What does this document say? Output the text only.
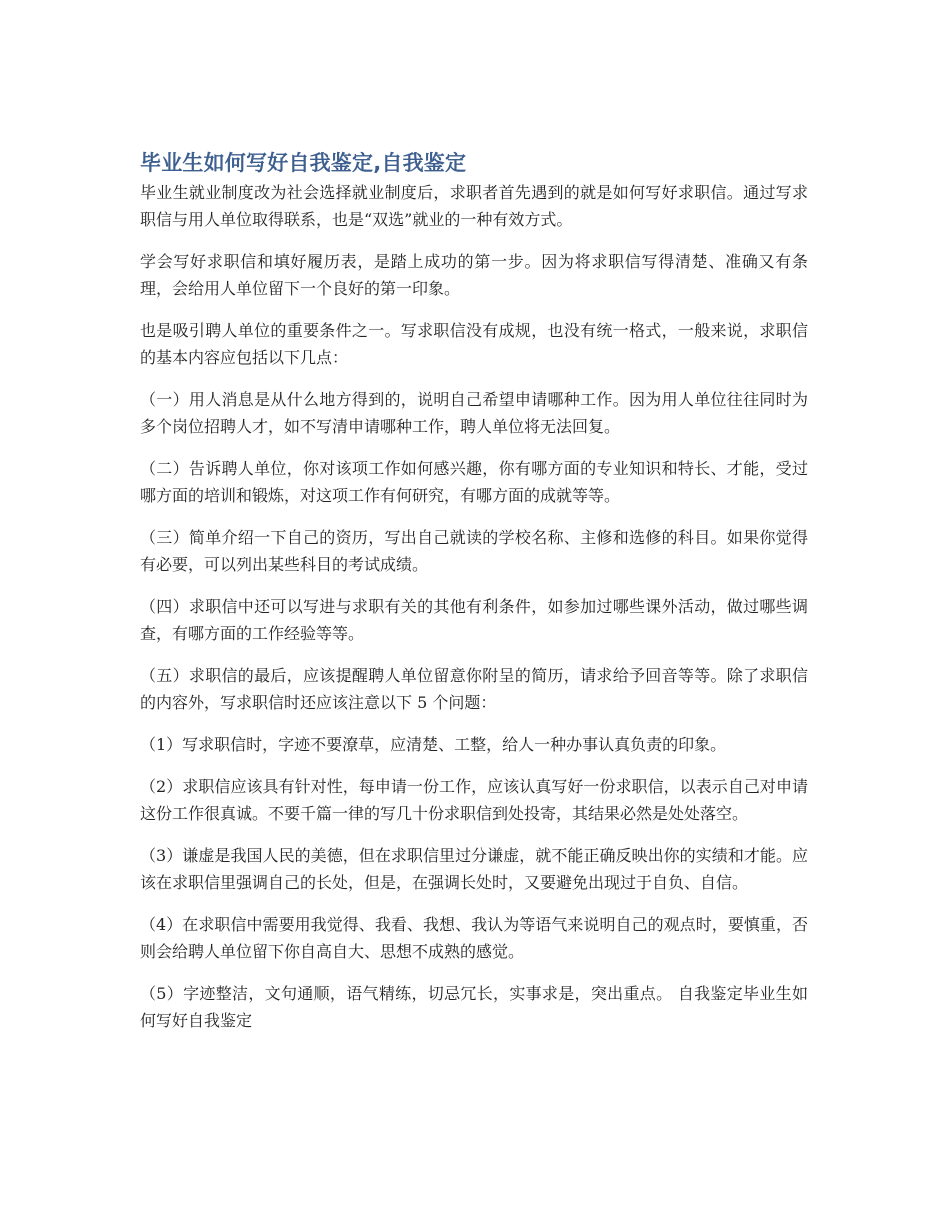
毕业生如何写好自我鉴定,自我鉴定

毕业生就业制度改为社会选择就业制度后，求职者首先遇到的就是如何写好求职信。通过写求职信与用人单位取得联系，也是“双选”就业的一种有效方式。

学会写好求职信和填好履历表，是踏上成功的第一步。因为将求职信写得清楚、准确又有条理，会给用人单位留下一个良好的第一印象。

也是吸引聘人单位的重要条件之一。写求职信没有成规，也没有统一格式，一般来说，求职信的基本内容应包括以下几点：

（一）用人消息是从什么地方得到的，说明自己希望申请哪种工作。因为用人单位往往同时为多个岗位招聘人才，如不写清申请哪种工作，聘人单位将无法回复。

（二）告诉聘人单位，你对该项工作如何感兴趣，你有哪方面的专业知识和特长、才能，受过哪方面的培训和锻炼，对这项工作有何研究，有哪方面的成就等等。

（三）简单介绍一下自己的资历，写出自己就读的学校名称、主修和选修的科目。如果你觉得有必要，可以列出某些科目的考试成绩。

（四）求职信中还可以写进与求职有关的其他有利条件，如参加过哪些课外活动，做过哪些调查，有哪方面的工作经验等等。

（五）求职信的最后，应该提醒聘人单位留意你附呈的简历，请求给予回音等等。除了求职信的内容外，写求职信时还应该注意以下 5 个问题：

（1）写求职信时，字迹不要潦草，应清楚、工整，给人一种办事认真负责的印象。

（2）求职信应该具有针对性，每申请一份工作，应该认真写好一份求职信，以表示自己对申请这份工作很真诚。不要千篇一律的写几十份求职信到处投寄，其结果必然是处处落空。

（3）谦虚是我国人民的美德，但在求职信里过分谦虚，就不能正确反映出你的实绩和才能。应该在求职信里强调自己的长处，但是，在强调长处时，又要避免出现过于自负、自信。

（4）在求职信中需要用我觉得、我看、我想、我认为等语气来说明自己的观点时，要慎重，否则会给聘人单位留下你自高自大、思想不成熟的感觉。

（5）字迹整洁，文句通顺，语气精练，切忌冗长，实事求是，突出重点。 自我鉴定毕业生如何写好自我鉴定
